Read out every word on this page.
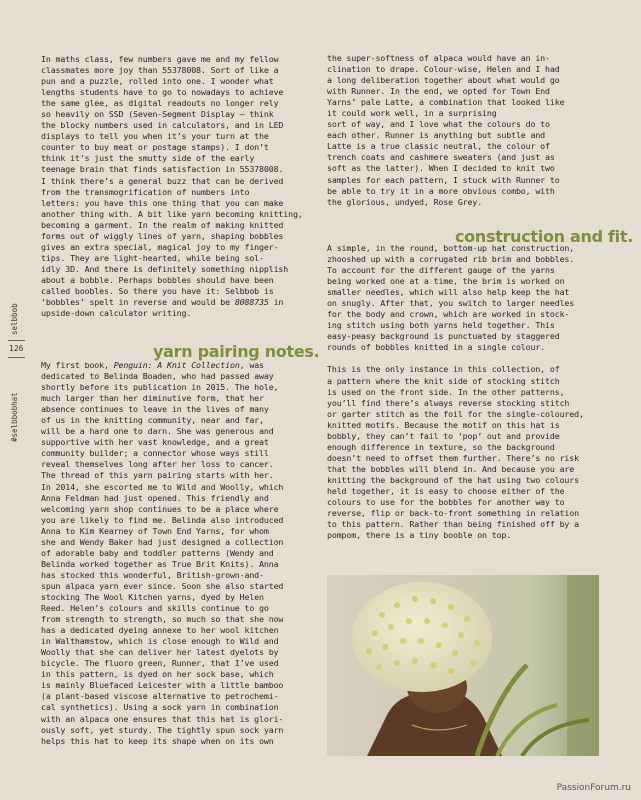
selbbob
126
#selbbobhat

In maths class, few numbers gave me and my fellow
classmates more joy than 55378008. Sort of like a
pun and a puzzle, rolled into one. I wonder what
lengths students have to go to nowadays to achieve
the same glee, as digital readouts no longer rely
so heavily on SSD (Seven-Segment Display — think
the blocky numbers used in calculators, and in LED
displays to tell you when it’s your turn at the
counter to buy meat or postage stamps). I don’t
think it’s just the smutty side of the early
teenage brain that finds satisfaction in 55378008.
I think there’s a general buzz that can be derived
from the transmogrification of numbers into
letters: you have this one thing that you can make
another thing with. A bit like yarn becoming knitting,
becoming a garment. In the realm of making knitted
forms out of wiggly lines of yarn, shaping bobbles
gives an extra special, magical joy to my finger-
tips. They are light-hearted, while being sol-
idly 3D. And there is definitely something nipplish
about a bobble. Perhaps bobbles should have been
called boobles. So there you have it: Selbbob is
‘bobbles’ spelt in reverse and would be 8088735 in
upside-down calculator writing.

yarn pairing notes.

My first book, Penguin: A Knit Collection, was
dedicated to Belinda Boaden, who had passed away
shortly before its publication in 2015. The hole,
much larger than her diminutive form, that her
absence continues to leave in the lives of many
of us in the knitting community, near and far,
will be a hard one to darn. She was generous and
supportive with her vast knowledge, and a great
community builder; a connector whose ways still
reveal themselves long after her loss to cancer.
The thread of this yarn pairing starts with her.
In 2014, she escorted me to Wild and Woolly, which
Anna Feldman had just opened. This friendly and
welcoming yarn shop continues to be a place where
you are likely to find me. Belinda also introduced
Anna to Kim Kearney of Town End Yarns, for whom
she and Wendy Baker had just designed a collection
of adorable baby and toddler patterns (Wendy and
Belinda worked together as True Brit Knits). Anna
has stocked this wonderful, British-grown-and-
spun alpaca yarn ever since. Soon she also started
stocking The Wool Kitchen yarns, dyed by Helen
Reed. Helen’s colours and skills continue to go
from strength to strength, so much so that she now
has a dedicated dyeing annexe to her wool kitchen
in Walthamstow, which is close enough to Wild and
Woolly that she can deliver her latest dyelots by
bicycle. The fluoro green, Runner, that I’ve used
in this pattern, is dyed on her sock base, which
is mainly Bluefaced Leicester with a little bamboo
(a plant-based viscose alternative to petrochemi-
cal synthetics). Using a sock yarn in combination
with an alpaca one ensures that this hat is glori-
ously soft, yet sturdy. The tightly spun sock yarn
helps this hat to keep its shape when on its own

the super-softness of alpaca would have an in-
clination to drape. Colour-wise, Helen and I had
a long deliberation together about what would go
with Runner. In the end, we opted for Town End
Yarns’ pale Latte, a combination that looked like
it could work well, in a surprising
sort of way, and I love what the colours do to
each other. Runner is anything but subtle and
Latte is a true classic neutral, the colour of
trench coats and cashmere sweaters (and just as
soft as the latter). When I decided to knit two
samples for each pattern, I stuck with Runner to
be able to try it in a more obvious combo, with
the glorious, undyed, Rose Grey.

construction and fit.

A simple, in the round, bottom-up hat construction,
zhooshed up with a corrugated rib brim and bobbles.
To account for the different gauge of the yarns
being worked one at a time, the brim is worked on
smaller needles, which will also help keep the hat
on snugly. After that, you switch to larger needles
for the body and crown, which are worked in stock-
ing stitch using both yarns held together. This
easy-peasy background is punctuated by staggered
rounds of bobbles knitted in a single colour.

This is the only instance in this collection, of
a pattern where the knit side of stocking stitch
is used on the front side. In the other patterns,
you’ll find there’s always reverse stocking stitch
or garter stitch as the foil for the single-coloured,
knitted motifs. Because the motif on this hat is
bobbly, they can’t fail to ‘pop’ out and provide
enough difference in texture, so the background
doesn’t need to offset them further. There’s no risk
that the bobbles will blend in. And because you are
knitting the background of the hat using two colours
held together, it is easy to choose either of the
colours to use for the bobbles for another way to
reverse, flip or back-to-front something in relation
to this pattern. Rather than being finished off by a
pompom, there is a tiny booble on top.

PassionForum.ru
